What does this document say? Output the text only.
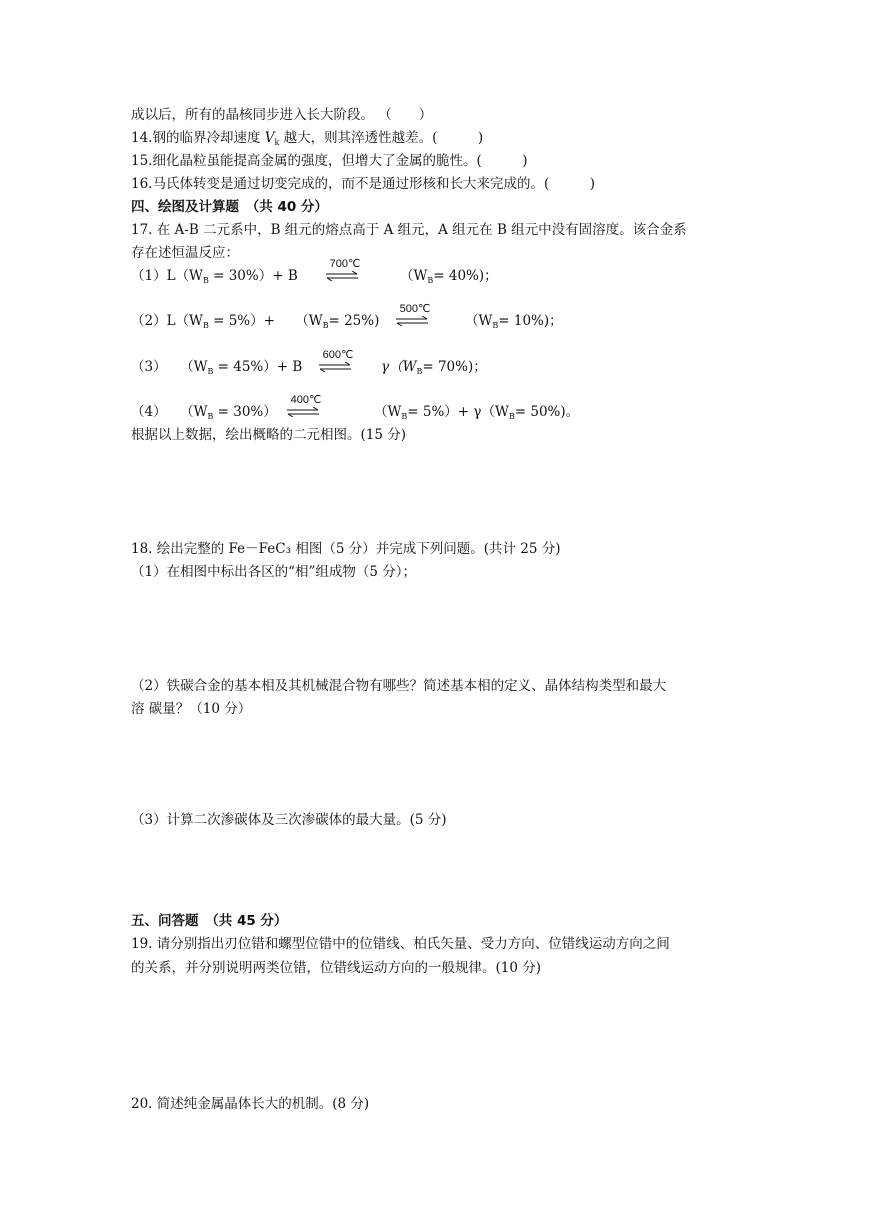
成以后，所有的晶核同步进入长大阶段。 （　　）
14.钢的临界冷却速度 $V_k$ 越大，则其淬透性越差。(　　　)
15.细化晶粒虽能提高金属的强度，但增大了金属的脆性。(　　　)
16.马氏体转变是通过切变完成的，而不是通过形核和长大来完成的。(　　　)
四、绘图及计算题　（共 40 分）
17. 在 A-B 二元系中，B 组元的熔点高于 A 组元，A 组元在 B 组元中没有固溶度。该合金系
存在述恒温反应：
$(1)L(W_B = 30\%)+ B$
700℃
$(W_B= 40\%)$；
$(2)L(W_B = 5\%)+$　　$(W_B= 25\%)$
500℃
$(W_B= 10\%)$；
（3）　　$(W_B = 45\%)+ B$
600℃
$\gamma(W_B= 70\%)$；
（4）　　$(W_B = 30\%)$
400℃
$(W_B= 5\%)+ \gamma(W_B= 50\%)$。
根据以上数据，绘出概略的二元相图。(15 分)
18. 绘出完整的 Fe－FeC₃ 相图（5 分）并完成下列问题。(共计 25 分)
（1）在相图中标出各区的“相”组成物（5 分）；
（2）铁碳合金的基本相及其机械混合物有哪些？简述基本相的定义、晶体结构类型和最大
溶 碳量？（10 分）
（3）计算二次渗碳体及三次渗碳体的最大量。(5 分)
五、问答题　（共 45 分）
19. 请分别指出刃位错和螺型位错中的位错线、柏氏矢量、受力方向、位错线运动方向之间
的关系，并分别说明两类位错，位错线运动方向的一般规律。(10 分)
20. 简述纯金属晶体长大的机制。(8 分)
